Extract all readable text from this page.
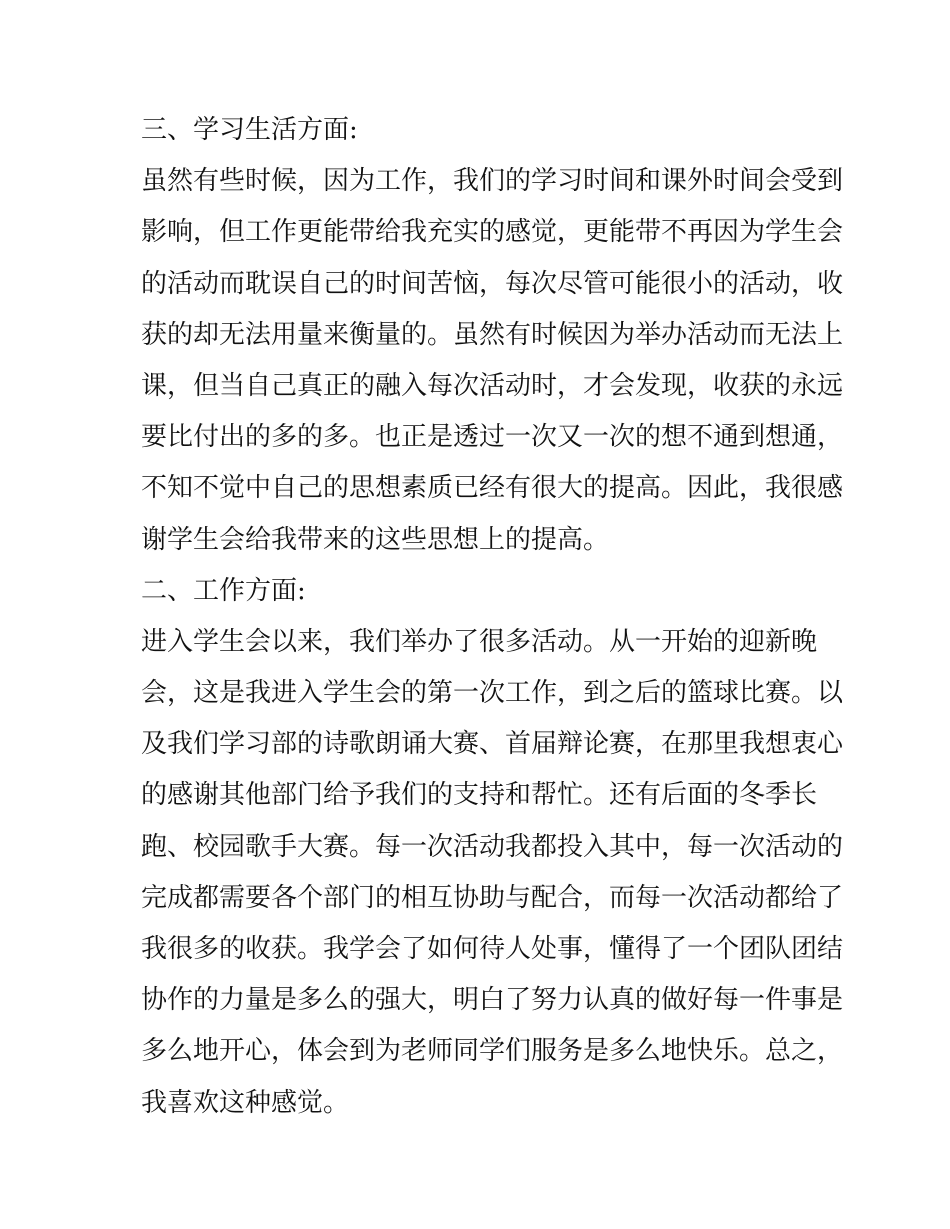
三、学习生活方面:
虽然有些时候，因为工作，我们的学习时间和课外时间会受到
影响，但工作更能带给我充实的感觉，更能带不再因为学生会
的活动而耽误自己的时间苦恼，每次尽管可能很小的活动，收
获的却无法用量来衡量的。虽然有时候因为举办活动而无法上
课，但当自己真正的融入每次活动时，才会发现，收获的永远
要比付出的多的多。也正是透过一次又一次的想不通到想通，
不知不觉中自己的思想素质已经有很大的提高。因此，我很感
谢学生会给我带来的这些思想上的提高。
二、工作方面:
进入学生会以来，我们举办了很多活动。从一开始的迎新晚
会，这是我进入学生会的第一次工作，到之后的篮球比赛。以
及我们学习部的诗歌朗诵大赛、首届辩论赛，在那里我想衷心
的感谢其他部门给予我们的支持和帮忙。还有后面的冬季长
跑、校园歌手大赛。每一次活动我都投入其中，每一次活动的
完成都需要各个部门的相互协助与配合，而每一次活动都给了
我很多的收获。我学会了如何待人处事，懂得了一个团队团结
协作的力量是多么的强大，明白了努力认真的做好每一件事是
多么地开心，体会到为老师同学们服务是多么地快乐。总之，
我喜欢这种感觉。
